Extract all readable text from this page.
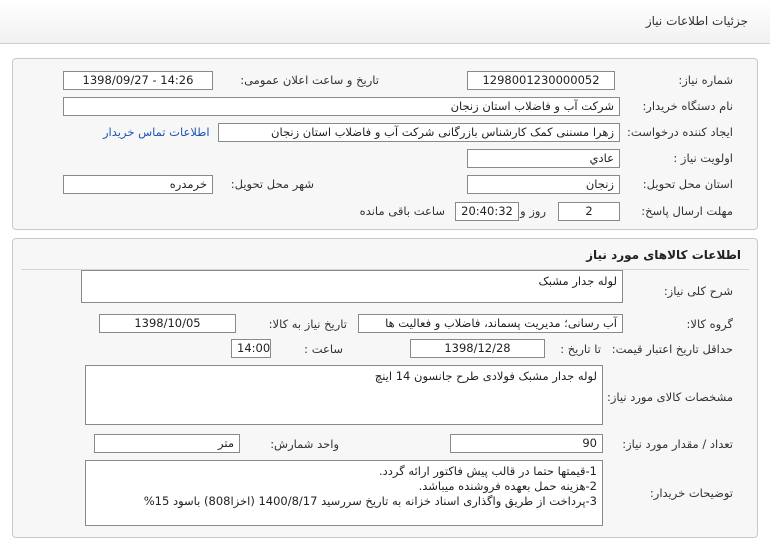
جزئیات اطلاعات نیاز
شماره نیاز:
1298001230000052
تاریخ و ساعت اعلان عمومی:
1398/09/27 - 14:26
نام دستگاه خریدار:
شرکت آب و فاضلاب استان زنجان
ایجاد کننده درخواست:
زهرا مسننی کمک کارشناس بازرگانی شرکت آب و فاضلاب استان زنجان
اطلاعات تماس خریدار
اولویت نیاز :
عادي
استان محل تحویل:
زنجان
شهر محل تحویل:
خرمدره
مهلت ارسال پاسخ:
2
روز و
20:40:32
ساعت باقی مانده
اطلاعات کالاهای مورد نیاز
شرح کلی نیاز:
لوله جدار مشبک
گروه کالا:
آب رسانی؛ مدیریت پسماند، فاضلاب و فعالیت ها
تاریخ نیاز به کالا:
1398/10/05
حداقل تاریخ اعتبار قیمت:
تا تاریخ :
1398/12/28
ساعت :
14:00
مشخصات کالای مورد نیاز:
لوله جدار مشبک فولادی طرح جانسون 14 اینچ
تعداد / مقدار مورد نیاز:
90
واحد شمارش:
متر
توضیحات خریدار:
1-قیمتها حتما در قالب پیش فاکتور ارائه گردد.
2-هزینه حمل بعهده فروشنده میباشد.
3-پرداخت از طریق واگذاری اسناد خزانه به تاریخ سررسید 1400/8/17 (اخزا808) باسود 15%
